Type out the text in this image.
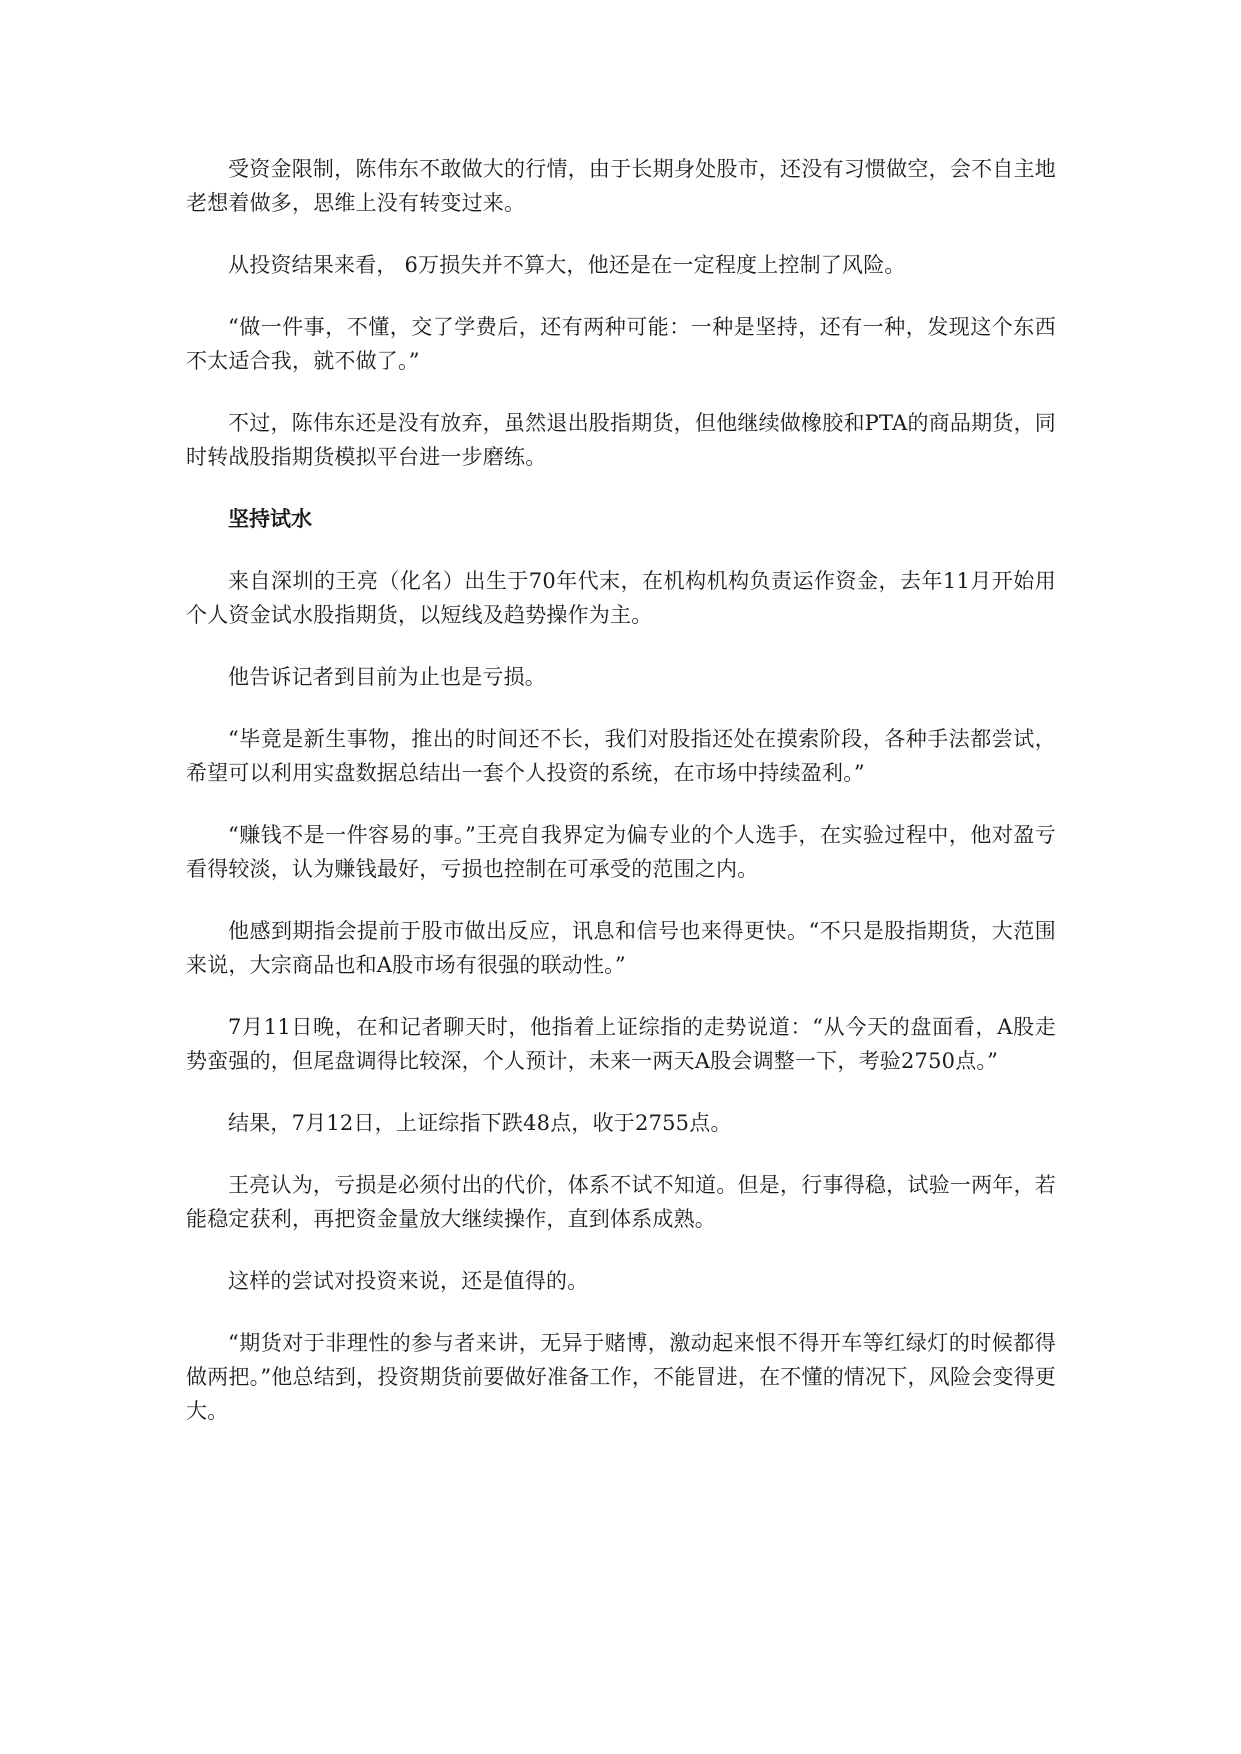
受资金限制，陈伟东不敢做大的行情，由于长期身处股市，还没有习惯做空，会不自主地老想着做多，思维上没有转变过来。

从投资结果来看， 6万损失并不算大，他还是在一定程度上控制了风险。

“做一件事，不懂，交了学费后，还有两种可能：一种是坚持，还有一种，发现这个东西不太适合我，就不做了。”

不过，陈伟东还是没有放弃，虽然退出股指期货，但他继续做橡胶和PTA的商品期货，同时转战股指期货模拟平台进一步磨练。

坚持试水

来自深圳的王亮（化名）出生于70年代末，在机构机构负责运作资金，去年11月开始用个人资金试水股指期货，以短线及趋势操作为主。

他告诉记者到目前为止也是亏损。

“毕竟是新生事物，推出的时间还不长，我们对股指还处在摸索阶段，各种手法都尝试，希望可以利用实盘数据总结出一套个人投资的系统，在市场中持续盈利。”

“赚钱不是一件容易的事。”王亮自我界定为偏专业的个人选手，在实验过程中，他对盈亏看得较淡，认为赚钱最好，亏损也控制在可承受的范围之内。

他感到期指会提前于股市做出反应，讯息和信号也来得更快。“不只是股指期货，大范围来说，大宗商品也和A股市场有很强的联动性。”

7月11日晚，在和记者聊天时，他指着上证综指的走势说道：“从今天的盘面看，A股走势蛮强的，但尾盘调得比较深，个人预计，未来一两天A股会调整一下，考验2750点。”

结果，7月12日，上证综指下跌48点，收于2755点。

王亮认为，亏损是必须付出的代价，体系不试不知道。但是，行事得稳，试验一两年，若能稳定获利，再把资金量放大继续操作，直到体系成熟。

这样的尝试对投资来说，还是值得的。

“期货对于非理性的参与者来讲，无异于赌博，激动起来恨不得开车等红绿灯的时候都得做两把。”他总结到，投资期货前要做好准备工作，不能冒进，在不懂的情况下，风险会变得更大。
